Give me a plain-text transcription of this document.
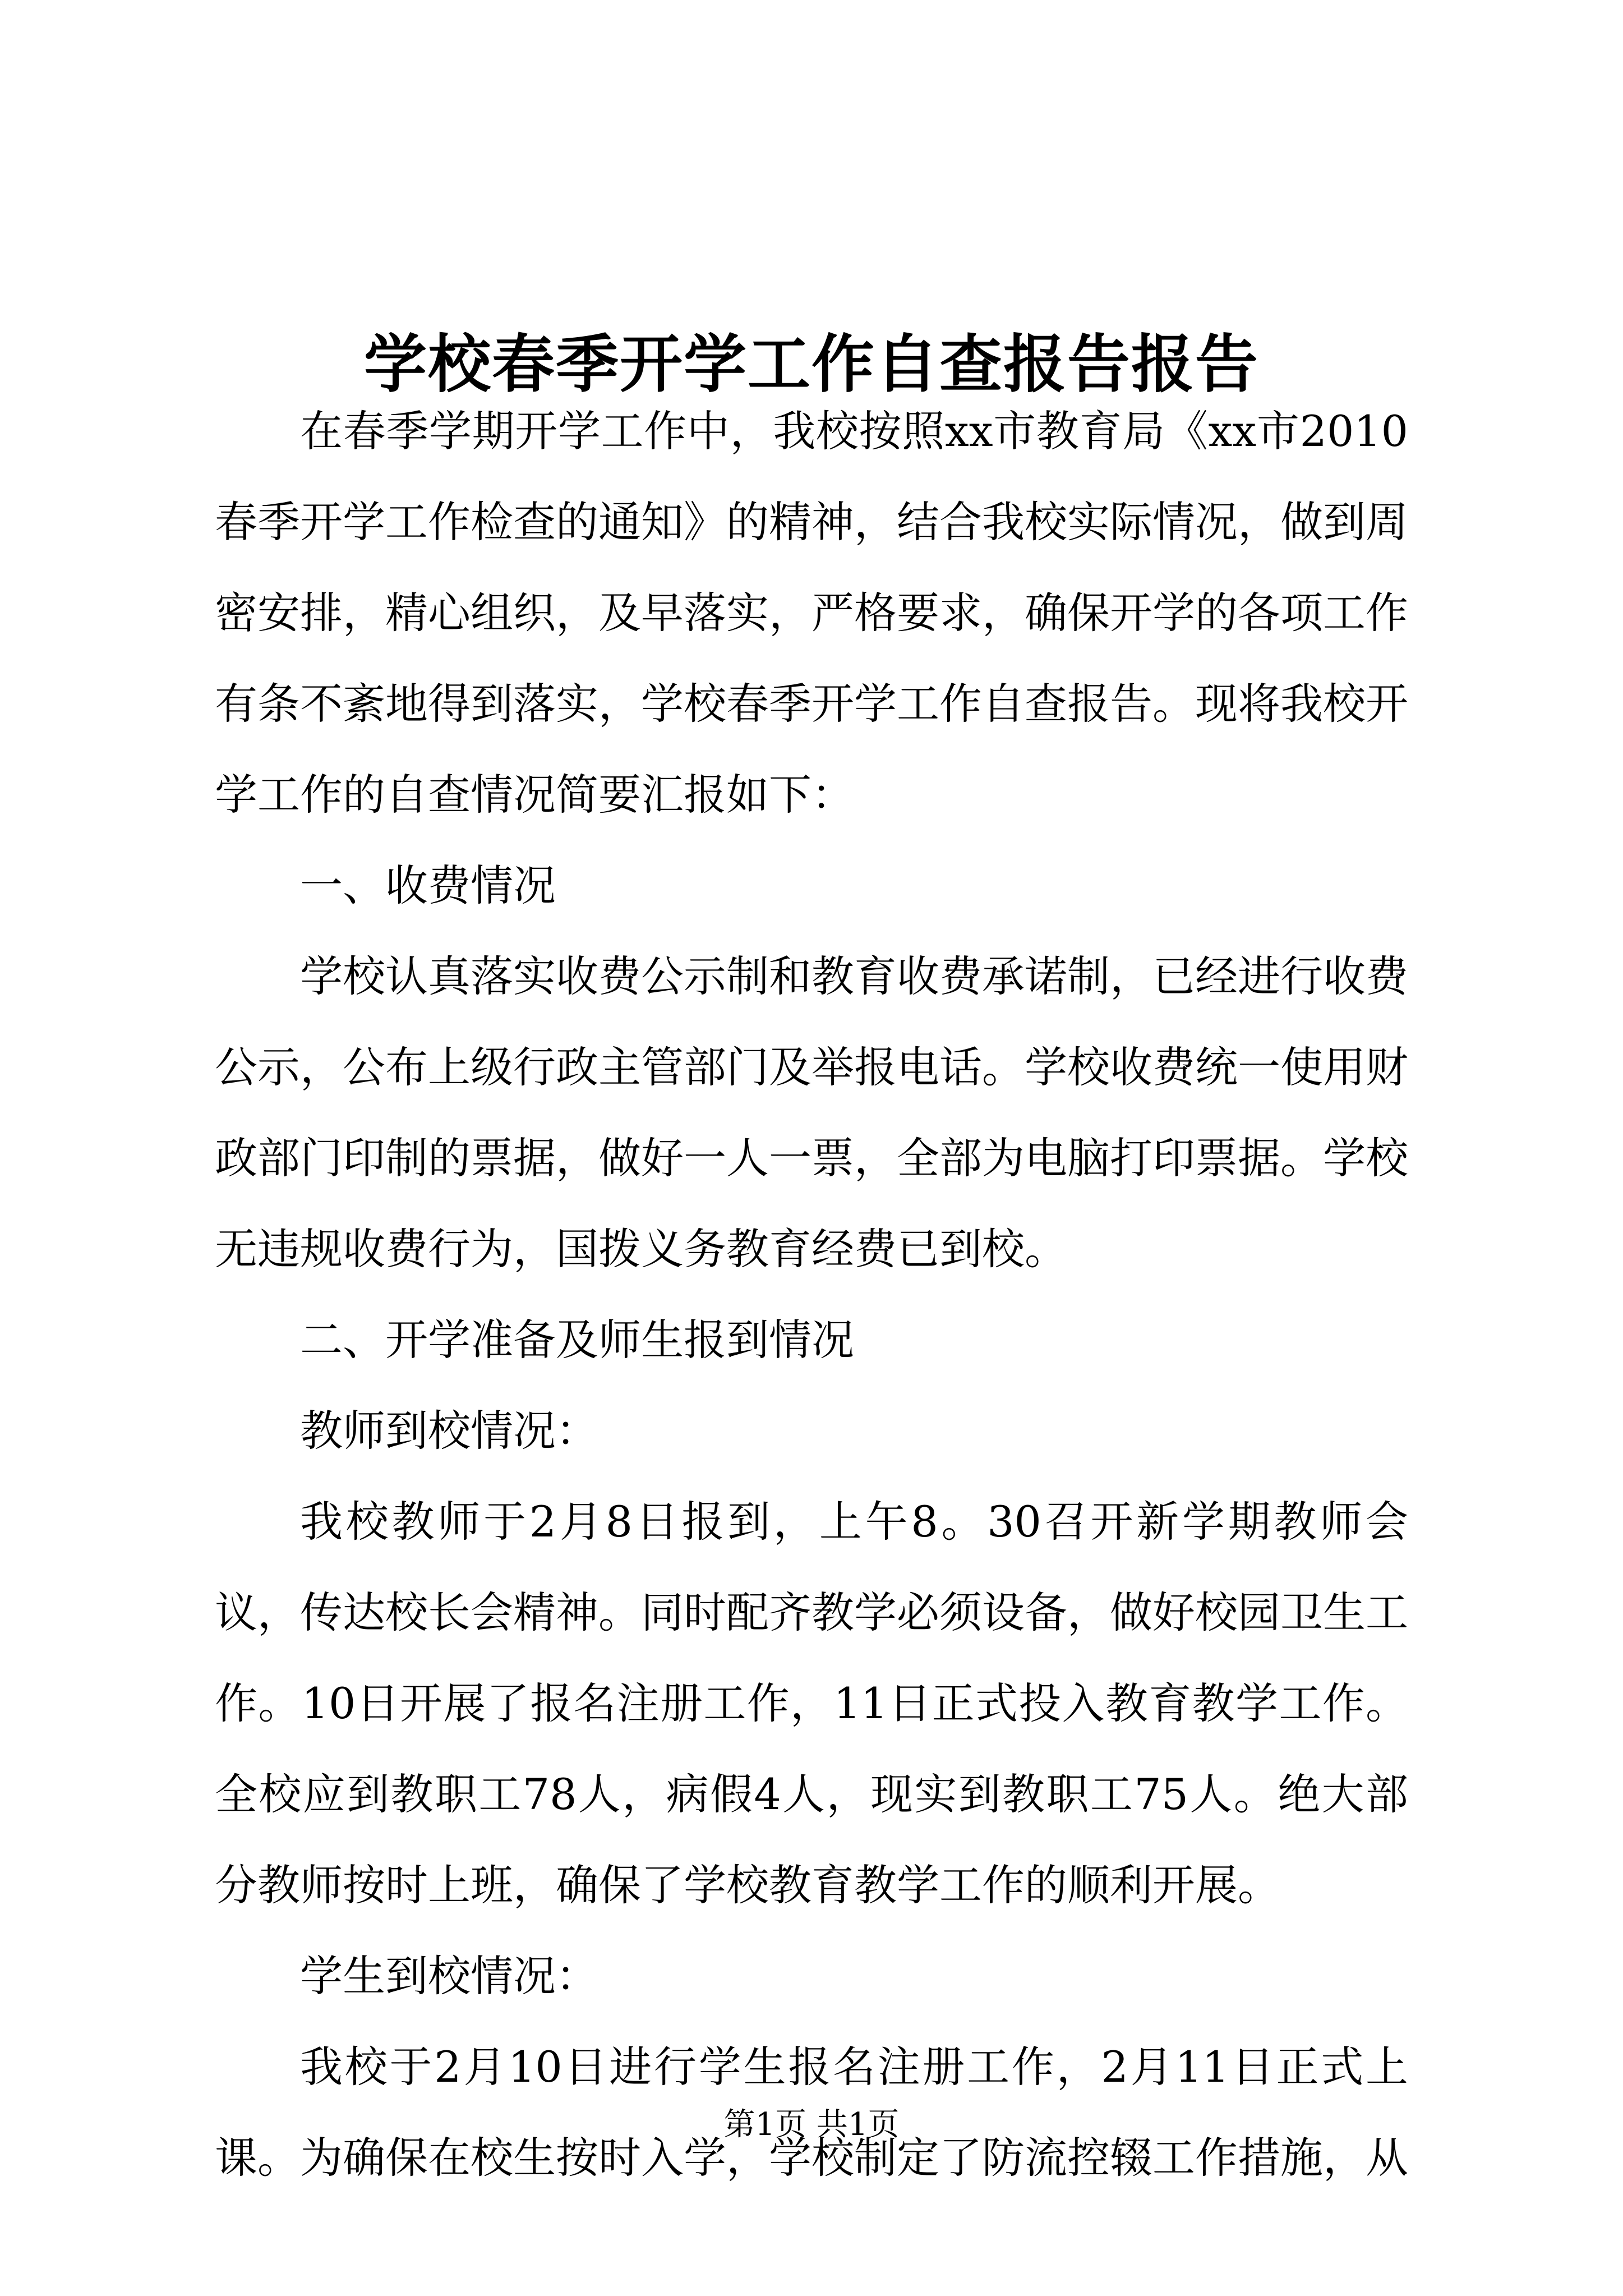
学校春季开学工作自查报告报告

在春季学期开学工作中，我校按照xx市教育局《xx市2010春季开学工作检查的通知》的精神，结合我校实际情况，做到周密安排，精心组织，及早落实，严格要求，确保开学的各项工作有条不紊地得到落实，学校春季开学工作自查报告。现将我校开学工作的自查情况简要汇报如下：

一、收费情况

学校认真落实收费公示制和教育收费承诺制，已经进行收费公示，公布上级行政主管部门及举报电话。学校收费统一使用财政部门印制的票据，做好一人一票，全部为电脑打印票据。学校无违规收费行为，国拨义务教育经费已到校。

二、开学准备及师生报到情况

教师到校情况：

我校教师于2月8日报到，上午8。30召开新学期教师会议，传达校长会精神。同时配齐教学必须设备，做好校园卫生工作。10日开展了报名注册工作，11日正式投入教育教学工作。全校应到教职工78人，病假4人，现实到教职工75人。绝大部分教师按时上班，确保了学校教育教学工作的顺利开展。

学生到校情况：

我校于2月10日进行学生报名注册工作，2月11日正式上课。为确保在校生按时入学，学校制定了防流控辍工作措施，从

第1页 共1页
